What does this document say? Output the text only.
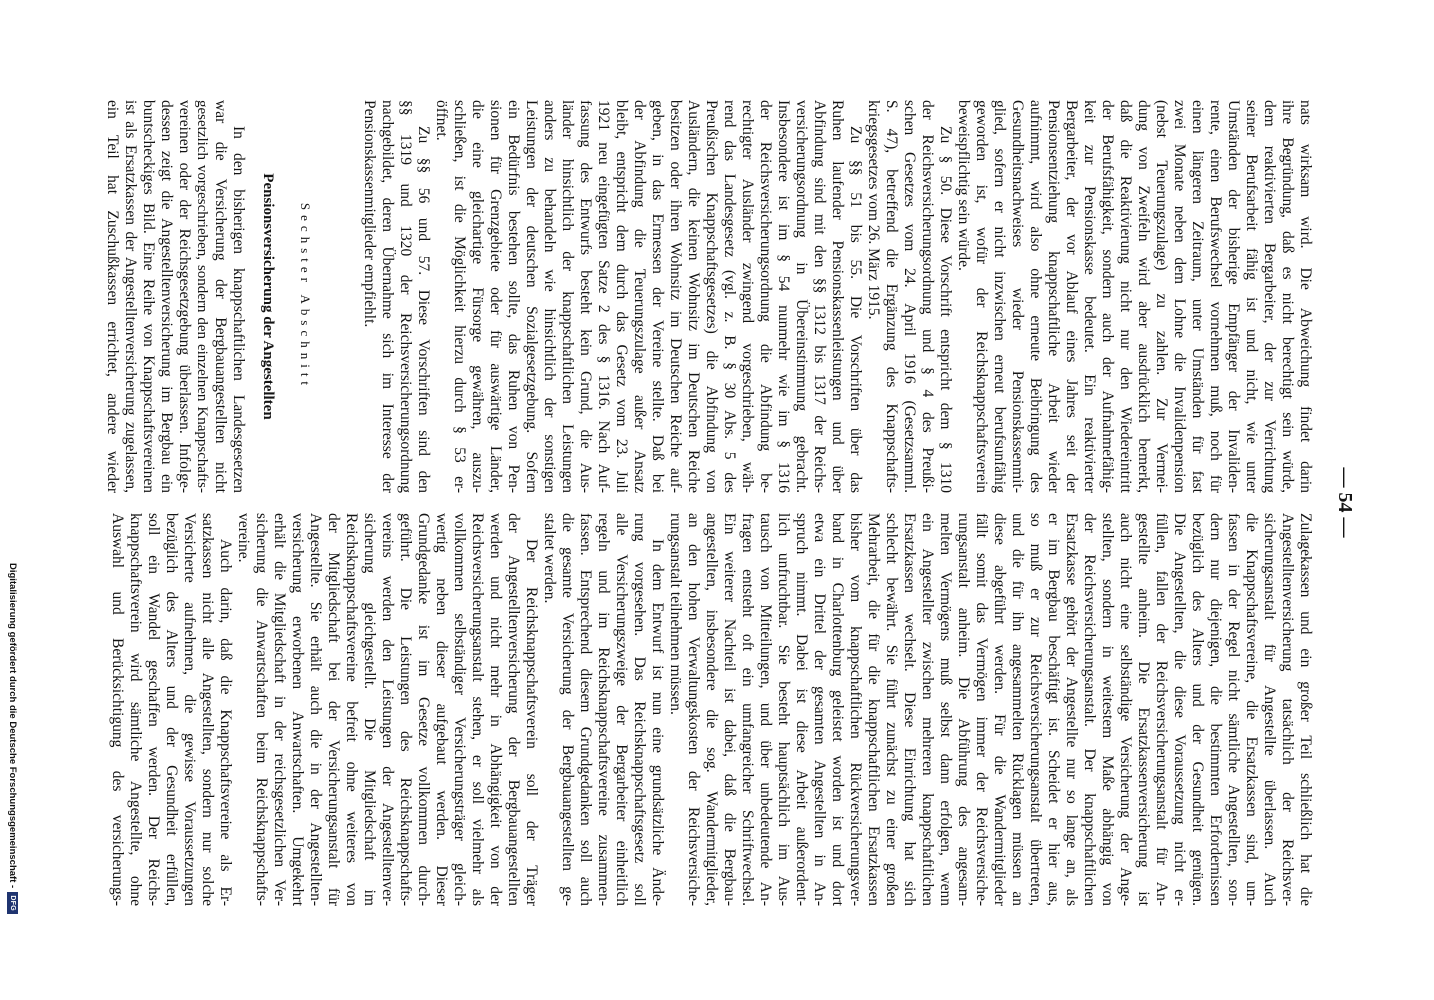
— 54 —
nats wirksam wird. Die Abweichung findet darin
ihre Begründung, daß es nicht berechtigt sein würde,
dem reaktivierten Bergarbeiter, der zur Verrichtung
seiner Berufsarbeit fähig ist und nicht, wie unter
Umständen der bisherige Empfänger der Invaliden-
rente, einen Berufswechsel vornehmen muß, noch für
einen längeren Zeitraum, unter Umständen für fast
zwei Monate neben dem Lohne die Invalidenpension
(nebst Teuerungszulage) zu zahlen. Zur Vermei-
dung von Zweifeln wird aber ausdrücklich bemerkt,
daß die Reaktivierung nicht nur den Wiedereintritt
der Berufsfähigkeit, sondern auch der Aufnahmefähig-
keit zur Pensionskasse bedeutet. Ein reaktivierter
Bergarbeiter, der vor Ablauf eines Jahres seit der
Pensionsentziehung knappschaftliche Arbeit wieder
aufnimmt, wird also ohne erneute Beibringung des
Gesundheitsnachweises wieder Pensionskassenmit-
glied, sofern er nicht inzwischen erneut berufsunfähig
geworden ist, wofür der Reichsknappschaftsverein
beweispflichtig sein würde.
Zu § 50. Diese Vorschrift entspricht dem § 1310
der Reichsversicherungsordnung und § 4 des Preußi-
schen Gesetzes vom 24. April 1916 (Gesetzsamml.
S. 47), betreffend die Ergänzung des Knappschafts-
kriegsgesetzes vom 26. März 1915.
Zu §§ 51 bis 55. Die Vorschriften über das
Ruhen laufender Pensionskassenleistungen und über
Abfindung sind mit den §§ 1312 bis 1317 der Reichs-
versicherungsordnung in Übereinstimmung gebracht.
Insbesondere ist im § 54 nunmehr wie im § 1316
der Reichsversicherungsordnung die Abfindung be-
rechtigter Ausländer zwingend vorgeschrieben, wäh-
rend das Landesgesetz (vgl. z. B. § 30 Abs. 5 des
Preußischen Knappschaftsgesetzes) die Abfindung von
Ausländern, die keinen Wohnsitz im Deutschen Reiche
besitzen oder ihren Wohnsitz im Deutschen Reiche auf-
geben, in das Ermessen der Vereine stellte. Daß bei
der Abfindung die Teuerungszulage außer Ansatz
bleibt, entspricht dem durch das Gesetz vom 23. Juli
1921 neu eingefügten Satze 2 des § 1316. Nach Auf-
fassung des Entwurfs besteht kein Grund, die Aus-
länder hinsichtlich der knappschaftlichen Leistungen
anders zu behandeln wie hinsichtlich der sonstigen
Leistungen der deutschen Sozialgesetzgebung. Sofern
ein Bedürfnis bestehen sollte, das Ruhen von Pen-
sionen für Grenzgebiete oder für auswärtige Länder,
die eine gleichartige Fürsorge gewähren, auszu-
schließen, ist die Möglichkeit hierzu durch § 53 er-
öffnet.
Zu §§ 56 und 57. Diese Vorschriften sind den
§§ 1319 und 1320 der Reichsversicherungsordnung
nachgebildet, deren Übernahme sich im Interesse der
Pensionskassenmitglieder empfiehlt.
Sechster Abschnitt
Pensionsversicherung der Angestellten
In den bisherigen knappschaftlichen Landesgesetzen
war die Versicherung der Bergbauangestellten nicht
gesetzlich vorgeschrieben, sondern den einzelnen Knappschafts-
vereinen oder der Reichsgesetzgebung überlassen. Infolge-
dessen zeigt die Angestelltenversicherung im Bergbau ein
buntscheckiges Bild. Eine Reihe von Knappschaftsvereinen
ist als Ersatzkassen der Angestelltenversicherung zugelassen,
ein Teil hat Zuschußkassen errichtet, andere wieder
Zulagekassen und ein großer Teil schließlich hat die
Angestelltenversicherung tatsächlich der Reichsver-
sicherungsanstalt für Angestellte überlassen. Auch
die Knappschaftsvereine, die Ersatzkassen sind, um-
fassen in der Regel nicht sämtliche Angestellten, son-
dern nur diejenigen, die bestimmten Erfordernissen
bezüglich des Alters und der Gesundheit genügen.
Die Angestellten, die diese Voraussetzung nicht er-
füllen, fallen der Reichsversicherungsanstalt für An-
gestellte anheim. Die Ersatzkassenversicherung ist
auch nicht eine selbständige Versicherung der Ange-
stellten, sondern in weitestem Maße abhängig von
der Reichsversicherungsanstalt. Der knappschaftlichen
Ersatzkasse gehört der Angestellte nur so lange an, als
er im Bergbau beschäftigt ist. Scheidet er hier aus,
so muß er zur Reichsversicherungsanstalt übertreten,
und die für ihn angesammelten Rücklagen müssen an
diese abgeführt werden. Für die Wandermitglieder
fällt somit das Vermögen immer der Reichsversiche-
rungsanstalt anheim. Die Abführung des angesam-
melten Vermögens muß selbst dann erfolgen, wenn
ein Angestellter zwischen mehreren knappschaftlichen
Ersatzkassen wechselt. Diese Einrichtung hat sich
schlecht bewährt. Sie führt zunächst zu einer großen
Mehrarbeit, die für die knappschaftlichen Ersatzkassen
bisher vom knappschaftlichen Rückversicherungsver-
band in Charlottenburg geleistet worden ist und dort
etwa ein Drittel der gesamten Angestellten in An-
spruch nimmt. Dabei ist diese Arbeit außerordent-
lich unfruchtbar. Sie besteht hauptsächlich im Aus-
tausch von Mitteilungen, und über unbedeutende An-
fragen entsteht oft ein umfangreicher Schriftwechsel.
Ein weiterer Nachteil ist dabei, daß die Bergbau-
angestellten, insbesondere die sog. Wandermitglieder,
an den hohen Verwaltungskosten der Reichsversiche-
rungsanstalt teilnehmen müssen.
In dem Entwurf ist nun eine grundsätzliche Ände-
rung vorgesehen. Das Reichsknappschaftsgesetz soll
alle Versicherungszweige der Bergarbeiter einheitlich
regeln und im Reichsknappschaftsvereine zusammen-
fassen. Entsprechend diesem Grundgedanken soll auch
die gesamte Versicherung der Bergbauangestellten ge-
staltet werden.
Der Reichsknappschaftsverein soll der Träger
der Angestelltenversicherung der Bergbauangestellten
werden und nicht mehr in Abhängigkeit von der
Reichsversicherungsanstalt stehen, er soll vielmehr als
vollkommen selbständiger Versicherungsträger gleich-
wertig neben dieser aufgebaut werden. Dieser
Grundgedanke ist im Gesetze vollkommen durch-
geführt. Die Leistungen des Reichsknappschafts-
vereins werden den Leistungen der Angestelltenver-
sicherung gleichgestellt. Die Mitgliedschaft im
Reichsknappschaftsvereine befreit ohne weiteres von
der Mitgliedschaft bei der Versicherungsanstalt für
Angestellte. Sie erhält auch die in der Angestellten-
versicherung erworbenen Anwartschaften. Umgekehrt
erhält die Mitgliedschaft in der reichsgesetzlichen Ver-
sicherung die Anwartschaften beim Reichsknappschafts-
vereine.
Auch darin, daß die Knappschaftsvereine als Er-
satzkassen nicht alle Angestellten, sondern nur solche
Versicherte aufnehmen, die gewisse Voraussetzungen
bezüglich des Alters und der Gesundheit erfüllen,
soll ein Wandel geschaffen werden. Der Reichs-
knappschaftsverein wird sämtliche Angestellte, ohne
Auswahl und Berücksichtigung des versicherungs-
Digitalisierung gefördert durch die Deutsche Forschungsgemeinschaft -
DFG
